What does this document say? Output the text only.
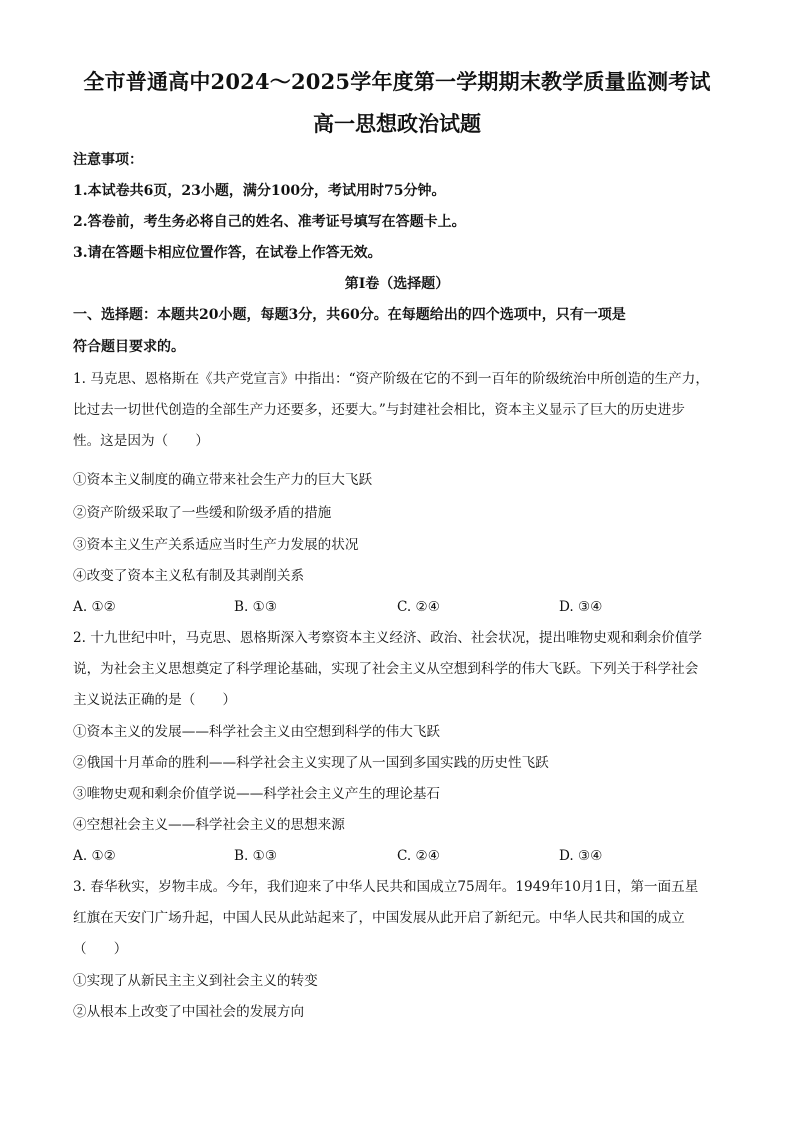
全市普通高中2024～2025学年度第一学期期末教学质量监测考试
高一思想政治试题
注意事项：
1.本试卷共6页，23小题，满分100分，考试用时75分钟。
2.答卷前，考生务必将自己的姓名、准考证号填写在答题卡上。
3.请在答题卡相应位置作答，在试卷上作答无效。
第I卷（选择题）
一、选择题：本题共20小题，每题3分，共60分。在每题给出的四个选项中，只有一项是
符合题目要求的。
1. 马克思、恩格斯在《共产党宣言》中指出：“资产阶级在它的不到一百年的阶级统治中所创造的生产力，
比过去一切世代创造的全部生产力还要多，还要大。”与封建社会相比，资本主义显示了巨大的历史进步
性。这是因为（　　）
①资本主义制度的确立带来社会生产力的巨大飞跃
②资产阶级采取了一些缓和阶级矛盾的措施
③资本主义生产关系适应当时生产力发展的状况
④改变了资本主义私有制及其剥削关系
A. ①②	B. ①③	C. ②④	D. ③④
2. 十九世纪中叶，马克思、恩格斯深入考察资本主义经济、政治、社会状况，提出唯物史观和剩余价值学
说，为社会主义思想奠定了科学理论基础，实现了社会主义从空想到科学的伟大飞跃。下列关于科学社会
主义说法正确的是（　　）
①资本主义的发展——科学社会主义由空想到科学的伟大飞跃
②俄国十月革命的胜利——科学社会主义实现了从一国到多国实践的历史性飞跃
③唯物史观和剩余价值学说——科学社会主义产生的理论基石
④空想社会主义——科学社会主义的思想来源
A. ①②	B. ①③	C. ②④	D. ③④
3. 春华秋实，岁物丰成。今年，我们迎来了中华人民共和国成立75周年。1949年10月1日，第一面五星
红旗在天安门广场升起，中国人民从此站起来了，中国发展从此开启了新纪元。中华人民共和国的成立
（　　）
①实现了从新民主主义到社会主义的转变
②从根本上改变了中国社会的发展方向
